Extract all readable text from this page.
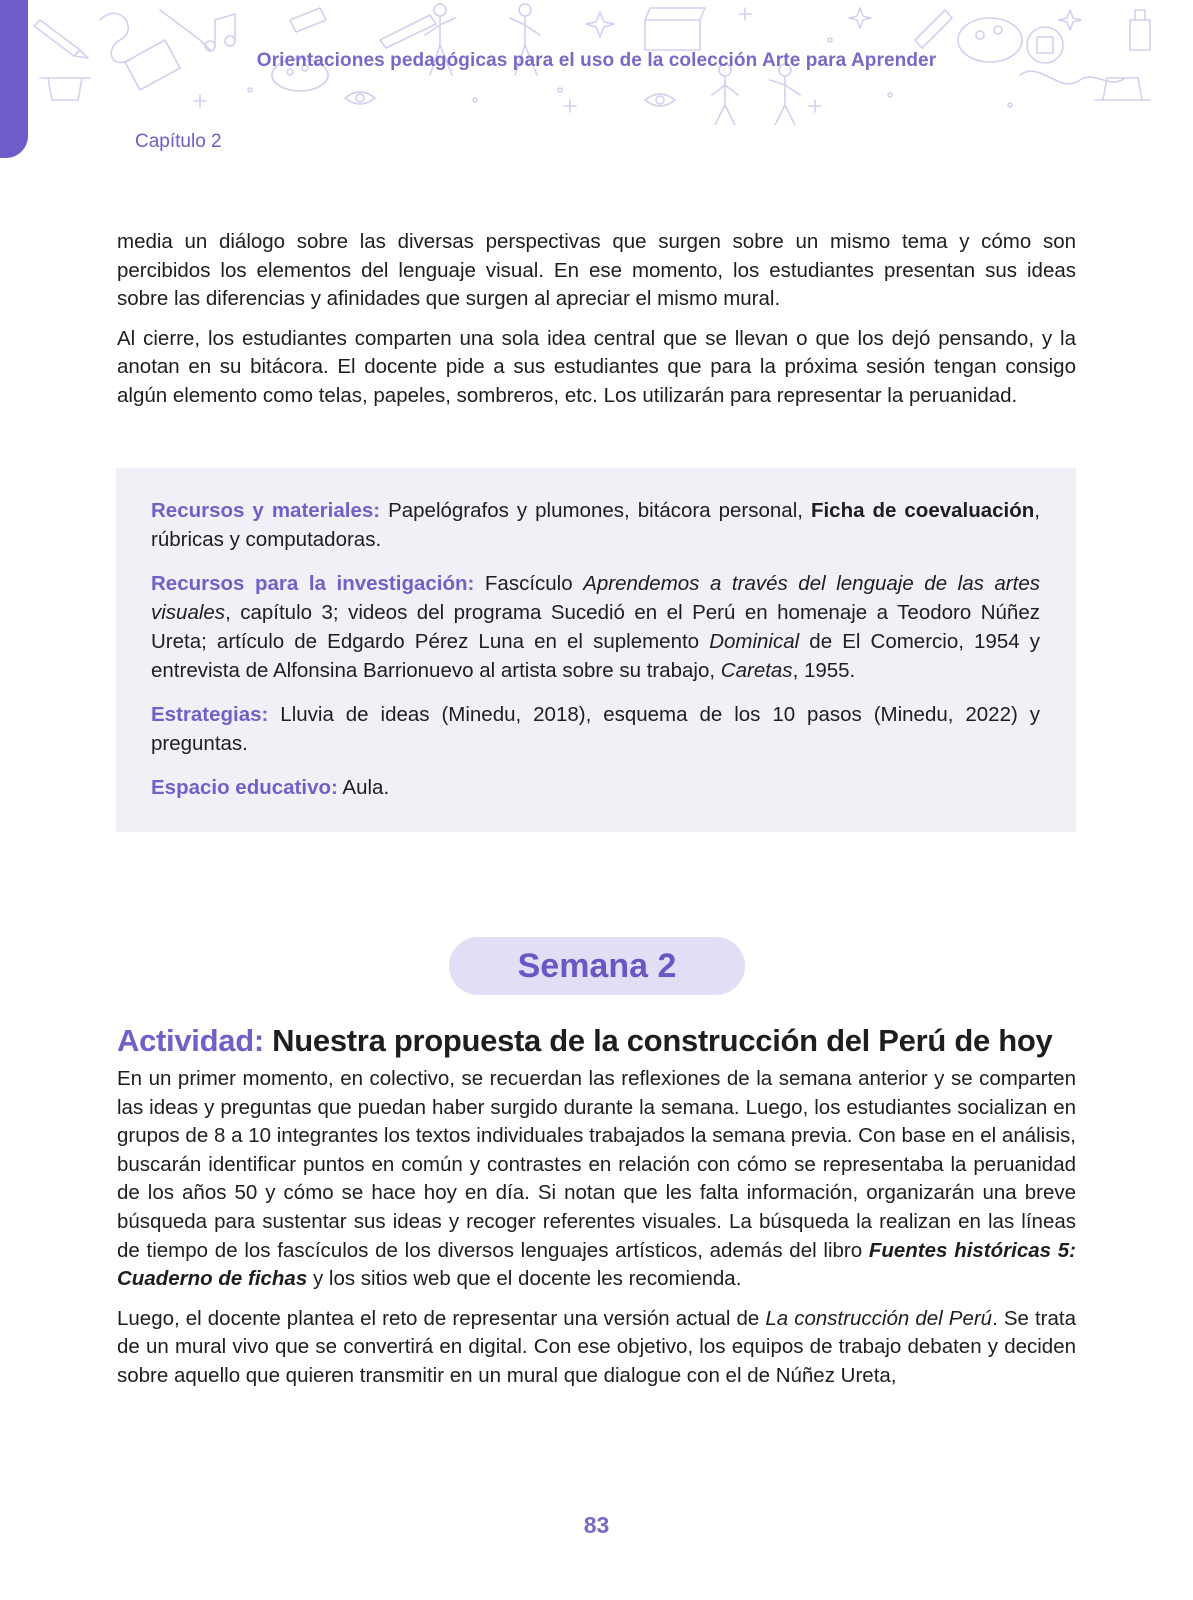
Orientaciones pedagógicas para el uso de la colección Arte para Aprender
Capítulo 2

media un diálogo sobre las diversas perspectivas que surgen sobre un mismo tema y cómo son percibidos los elementos del lenguaje visual. En ese momento, los estudiantes presentan sus ideas sobre las diferencias y afinidades que surgen al apreciar el mismo mural.

Al cierre, los estudiantes comparten una sola idea central que se llevan o que los dejó pensando, y la anotan en su bitácora. El docente pide a sus estudiantes que para la próxima sesión tengan consigo algún elemento como telas, papeles, sombreros, etc. Los utilizarán para representar la peruanidad.

Recursos y materiales: Papelógrafos y plumones, bitácora personal, Ficha de coevaluación, rúbricas y computadoras.

Recursos para la investigación: Fascículo Aprendemos a través del lenguaje de las artes visuales, capítulo 3; videos del programa Sucedió en el Perú en homenaje a Teodoro Núñez Ureta; artículo de Edgardo Pérez Luna en el suplemento Dominical de El Comercio, 1954 y entrevista de Alfonsina Barrionuevo al artista sobre su trabajo, Caretas, 1955.

Estrategias: Lluvia de ideas (Minedu, 2018), esquema de los 10 pasos (Minedu, 2022) y preguntas.

Espacio educativo: Aula.

Semana 2
Actividad: Nuestra propuesta de la construcción del Perú de hoy

En un primer momento, en colectivo, se recuerdan las reflexiones de la semana anterior y se comparten las ideas y preguntas que puedan haber surgido durante la semana. Luego, los estudiantes socializan en grupos de 8 a 10 integrantes los textos individuales trabajados la semana previa. Con base en el análisis, buscarán identificar puntos en común y contrastes en relación con cómo se representaba la peruanidad de los años 50 y cómo se hace hoy en día. Si notan que les falta información, organizarán una breve búsqueda para sustentar sus ideas y recoger referentes visuales. La búsqueda la realizan en las líneas de tiempo de los fascículos de los diversos lenguajes artísticos, además del libro Fuentes históricas 5: Cuaderno de fichas y los sitios web que el docente les recomienda.

Luego, el docente plantea el reto de representar una versión actual de La construcción del Perú. Se trata de un mural vivo que se convertirá en digital. Con ese objetivo, los equipos de trabajo debaten y deciden sobre aquello que quieren transmitir en un mural que dialogue con el de Núñez Ureta,

83
